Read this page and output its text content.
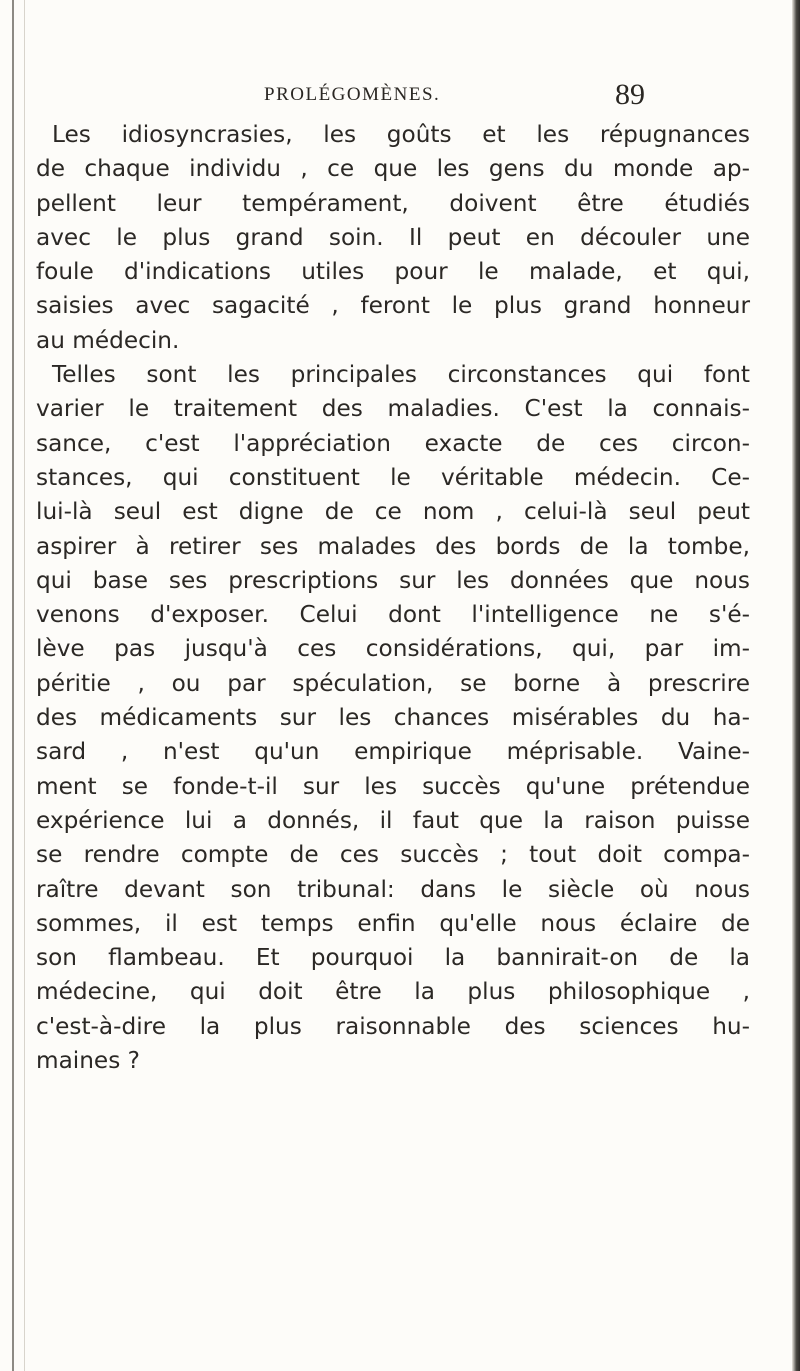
PROLÉGOMÈNES.	89
Les idiosyncrasies, les goûts et les répugnances
de chaque individu , ce que les gens du monde ap-
pellent leur tempérament, doivent être étudiés
avec le plus grand soin. Il peut en découler une
foule d'indications utiles pour le malade, et qui,
saisies avec sagacité , feront le plus grand honneur
au médecin.
Telles sont les principales circonstances qui font
varier le traitement des maladies. C'est la connais-
sance, c'est l'appréciation exacte de ces circon-
stances, qui constituent le véritable médecin. Ce-
lui-là seul est digne de ce nom , celui-là seul peut
aspirer à retirer ses malades des bords de la tombe,
qui base ses prescriptions sur les données que nous
venons d'exposer. Celui dont l'intelligence ne s'é-
lève pas jusqu'à ces considérations, qui, par im-
péritie , ou par spéculation, se borne à prescrire
des médicaments sur les chances misérables du ha-
sard , n'est qu'un empirique méprisable. Vaine-
ment se fonde-t-il sur les succès qu'une prétendue
expérience lui a donnés, il faut que la raison puisse
se rendre compte de ces succès ; tout doit compa-
raître devant son tribunal: dans le siècle où nous
sommes, il est temps enfin qu'elle nous éclaire de
son flambeau. Et pourquoi la bannirait-on de la
médecine, qui doit être la plus philosophique ,
c'est-à-dire la plus raisonnable des sciences hu-
maines ?
